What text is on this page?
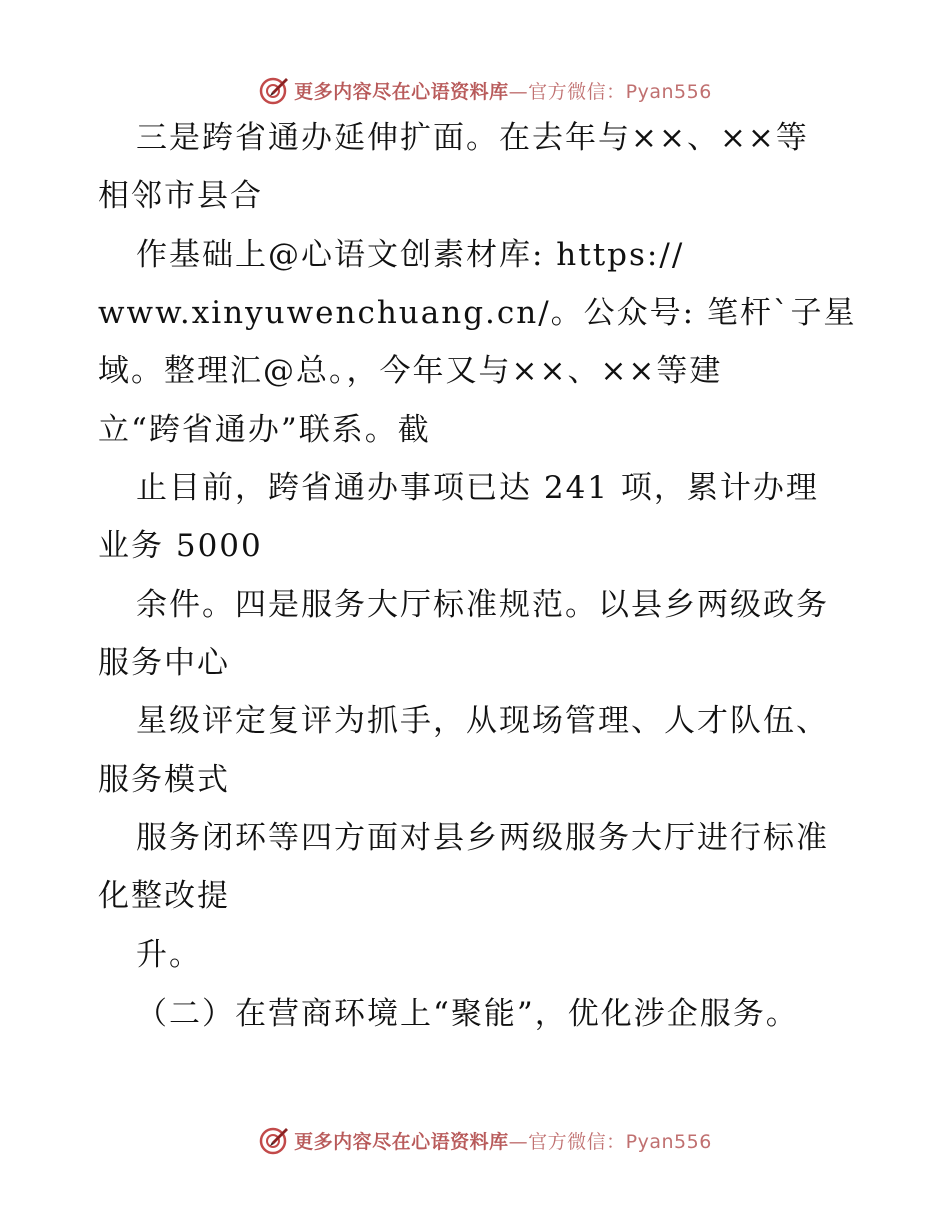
更多内容尽在心语资料库—官方微信：Pyan556
三是跨省通办延伸扩面。在去年与××、××等
相邻市县合
作基础上@心语文创素材库: https://
www.xinyuwenchuang.cn/。公众号: 笔杆`子星
域。整理汇@总。，今年又与××、××等建
立“跨省通办”联系。截
止目前，跨省通办事项已达 241 项，累计办理
业务 5000
余件。四是服务大厅标准规范。以县乡两级政务
服务中心
星级评定复评为抓手，从现场管理、人才队伍、
服务模式
服务闭环等四方面对县乡两级服务大厅进行标准
化整改提
升。
（二）在营商环境上“聚能”，优化涉企服务。
更多内容尽在心语资料库—官方微信：Pyan556
